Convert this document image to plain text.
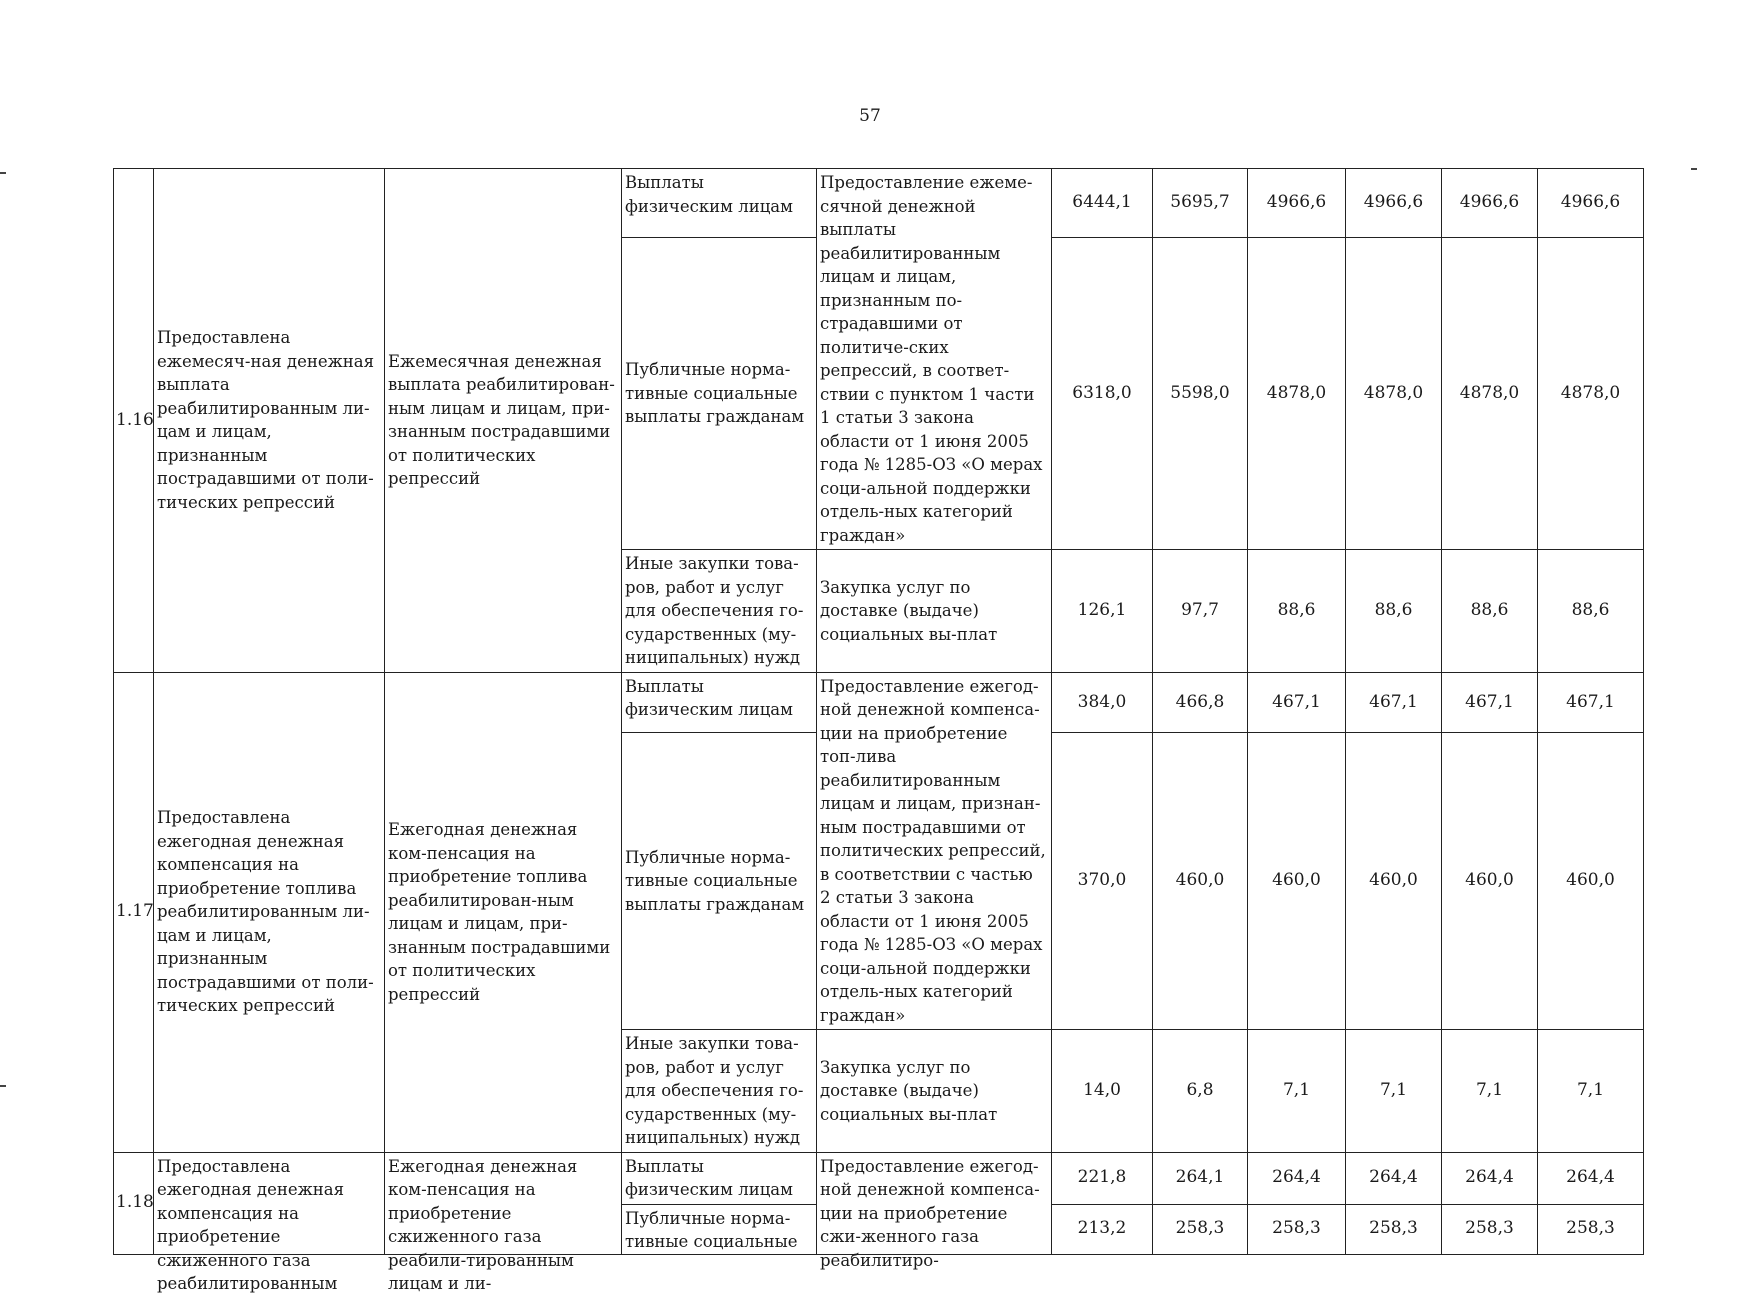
57
1.16	Предоставлена ежемесяч-ная денежная выплата реабилитированным ли-цам и лицам, признанным пострадавшими от поли-тических репрессий	Ежемесячная денежная выплата реабилитирован-ным лицам и лицам, при-знанным пострадавшими от политических репрессий	Выплаты физическим лицам	Предоставление ежеме-сячной денежной выплаты реабилитированным лицам и лицам, признанным по-страдавшими от политиче-ских репрессий, в соответ-ствии с пунктом 1 части 1 статьи 3 закона области от 1 июня 2005 года № 1285-ОЗ «О мерах соци-альной поддержки отдель-ных категорий граждан»	6444,1	5695,7	4966,6	4966,6	4966,6	4966,6
			Публичные норма-тивные социальные выплаты гражданам		6318,0	5598,0	4878,0	4878,0	4878,0	4878,0
			Иные закупки това-ров, работ и услуг для обеспечения го-сударственных (му-ниципальных) нужд	Закупка услуг по доставке (выдаче) социальных вы-плат	126,1	97,7	88,6	88,6	88,6	88,6
1.17	Предоставлена ежегодная денежная компенсация на приобретение топлива реабилитированным ли-цам и лицам, признанным пострадавшими от поли-тических репрессий	Ежегодная денежная ком-пенсация на приобретение топлива реабилитирован-ным лицам и лицам, при-знанным пострадавшими от политических репрессий	Выплаты физическим лицам	Предоставление ежегод-ной денежной компенса-ции на приобретение топ-лива реабилитированным лицам и лицам, признан-ным пострадавшими от политических репрессий, в соответствии с частью 2 статьи 3 закона области от 1 июня 2005 года № 1285-ОЗ «О мерах соци-альной поддержки отдель-ных категорий граждан»	384,0	466,8	467,1	467,1	467,1	467,1
			Публичные норма-тивные социальные выплаты гражданам		370,0	460,0	460,0	460,0	460,0	460,0
			Иные закупки това-ров, работ и услуг для обеспечения го-сударственных (му-ниципальных) нужд	Закупка услуг по доставке (выдаче) социальных вы-плат	14,0	6,8	7,1	7,1	7,1	7,1
1.18	Предоставлена ежегодная денежная компенсация на приобретение сжиженного газа реабилитированным	Ежегодная денежная ком-пенсация на приобретение сжиженного газа реабили-тированным лицам и ли-	Выплаты физическим лицам	Предоставление ежегод-ной денежной компенса-ции на приобретение сжи-женного газа реабилитиро-	221,8	264,1	264,4	264,4	264,4	264,4

			Публичные норма-тивные социальные		213,2	258,3	258,3	258,3	258,3	258,3
